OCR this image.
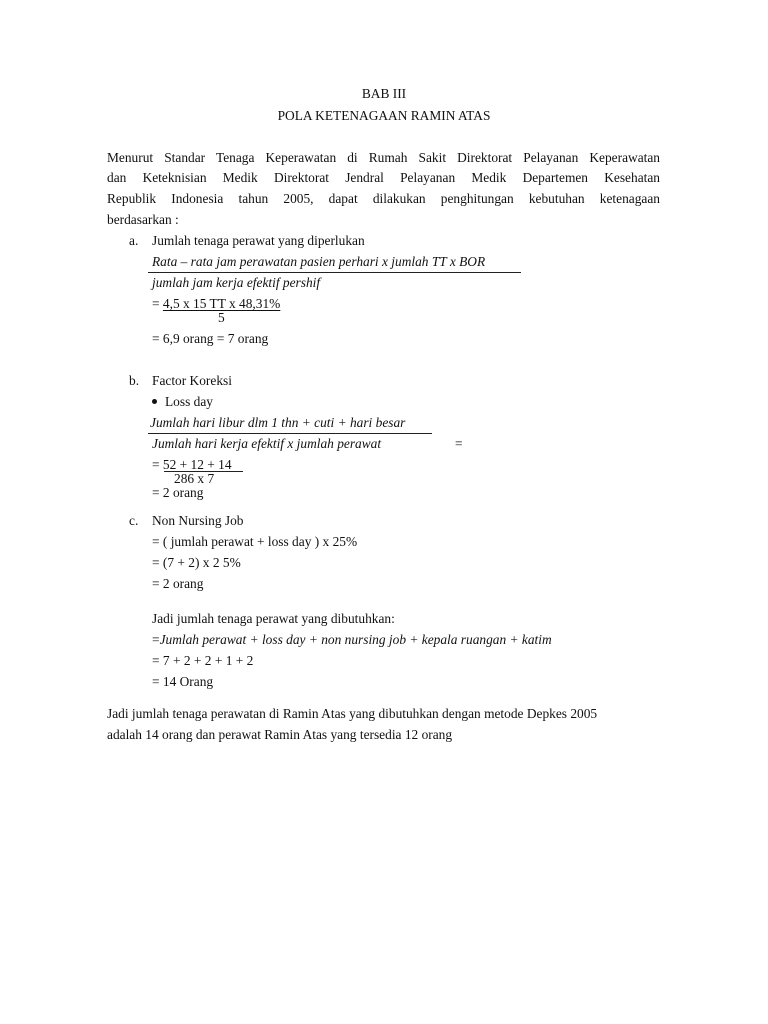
BAB III
POLA KETENAGAAN RAMIN ATAS
Menurut Standar Tenaga Keperawatan di Rumah Sakit Direktorat Pelayanan Keperawatan
dan Keteknisian Medik Direktorat Jendral Pelayanan Medik Departemen Kesehatan
Republik Indonesia tahun 2005, dapat dilakukan penghitungan kebutuhan ketenagaan
berdasarkan :
a. Jumlah tenaga perawat yang diperlukan
Rata – rata jam perawatan pasien perhari x jumlah TT x BOR
jumlah jam kerja efektif pershif
= 4,5 x 15 TT x 48,31%
5
= 6,9 orang = 7 orang
b. Factor Koreksi
Loss day
Jumlah hari libur dlm 1 thn + cuti + hari besar
Jumlah hari kerja efektif x jumlah perawat	=
= 52 + 12 + 14
286 x 7
= 2 orang
c. Non Nursing Job
= ( jumlah perawat + loss day ) x 25%
= (7 + 2) x 2 5%
= 2 orang
Jadi jumlah tenaga perawat yang dibutuhkan:
=Jumlah perawat + loss day + non nursing job + kepala ruangan + katim
= 7 + 2 + 2 + 1 + 2
= 14 Orang
Jadi jumlah tenaga perawatan di Ramin Atas yang dibutuhkan dengan metode Depkes 2005
adalah 14 orang dan perawat Ramin Atas yang tersedia 12 orang
